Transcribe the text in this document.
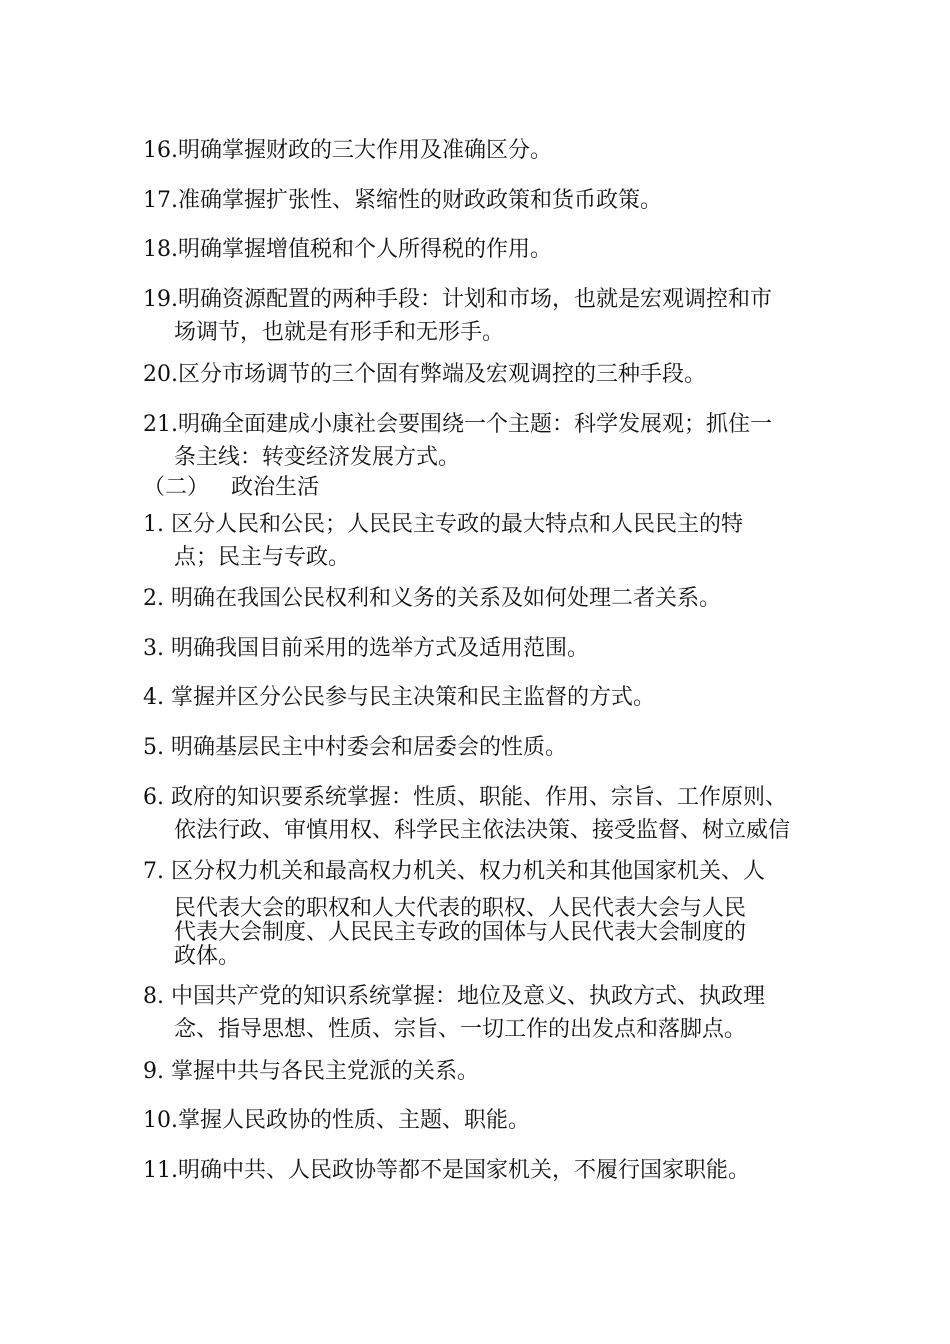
16.明确掌握财政的三大作用及准确区分。
17.准确掌握扩张性、紧缩性的财政政策和货币政策。
18.明确掌握增值税和个人所得税的作用。
19.明确资源配置的两种手段：计划和市场，也就是宏观调控和市
场调节，也就是有形手和无形手。
20.区分市场调节的三个固有弊端及宏观调控的三种手段。
21.明确全面建成小康社会要围绕一个主题：科学发展观；抓住一
条主线：转变经济发展方式。
（二） 政治生活
1. 区分人民和公民；人民民主专政的最大特点和人民民主的特
点；民主与专政。
2. 明确在我国公民权利和义务的关系及如何处理二者关系。
3. 明确我国目前采用的选举方式及适用范围。
4. 掌握并区分公民参与民主决策和民主监督的方式。
5. 明确基层民主中村委会和居委会的性质。
6. 政府的知识要系统掌握：性质、职能、作用、宗旨、工作原则、
依法行政、审慎用权、科学民主依法决策、接受监督、树立威信
7. 区分权力机关和最高权力机关、权力机关和其他国家机关、人
民代表大会的职权和人大代表的职权、人民代表大会与人民
代表大会制度、人民民主专政的国体与人民代表大会制度的
政体。
8. 中国共产党的知识系统掌握：地位及意义、执政方式、执政理
念、指导思想、性质、宗旨、一切工作的出发点和落脚点。
9. 掌握中共与各民主党派的关系。
10.掌握人民政协的性质、主题、职能。
11.明确中共、人民政协等都不是国家机关，不履行国家职能。
